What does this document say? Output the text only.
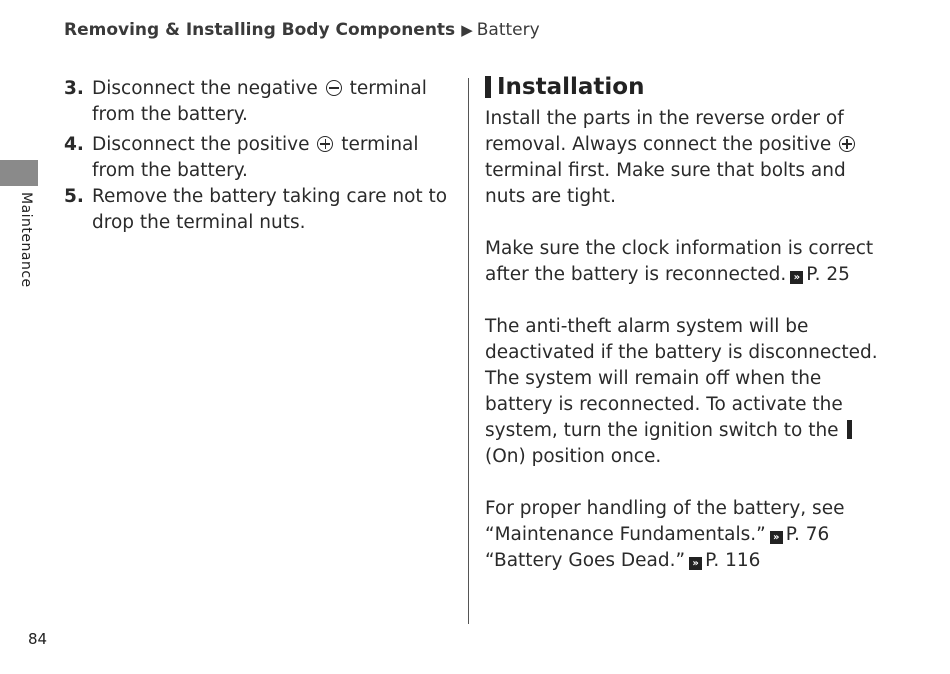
Removing & Installing Body Components ▶ Battery
Maintenance
3. Disconnect the negative terminal from the battery.
4. Disconnect the positive terminal from the battery.
5. Remove the battery taking care not to drop the terminal nuts.
Installation

Install the parts in the reverse order of removal. Always connect the positive  terminal first. Make sure that bolts and nuts are tight.

Make sure the clock information is correct after the battery is reconnected. » P. 25

The anti-theft alarm system will be deactivated if the battery is disconnected. The system will remain off when the battery is reconnected. To activate the system, turn the ignition switch to the (On) position once.

For proper handling of the battery, see
“Maintenance Fundamentals.” » P. 76
“Battery Goes Dead.” » P. 116

84
